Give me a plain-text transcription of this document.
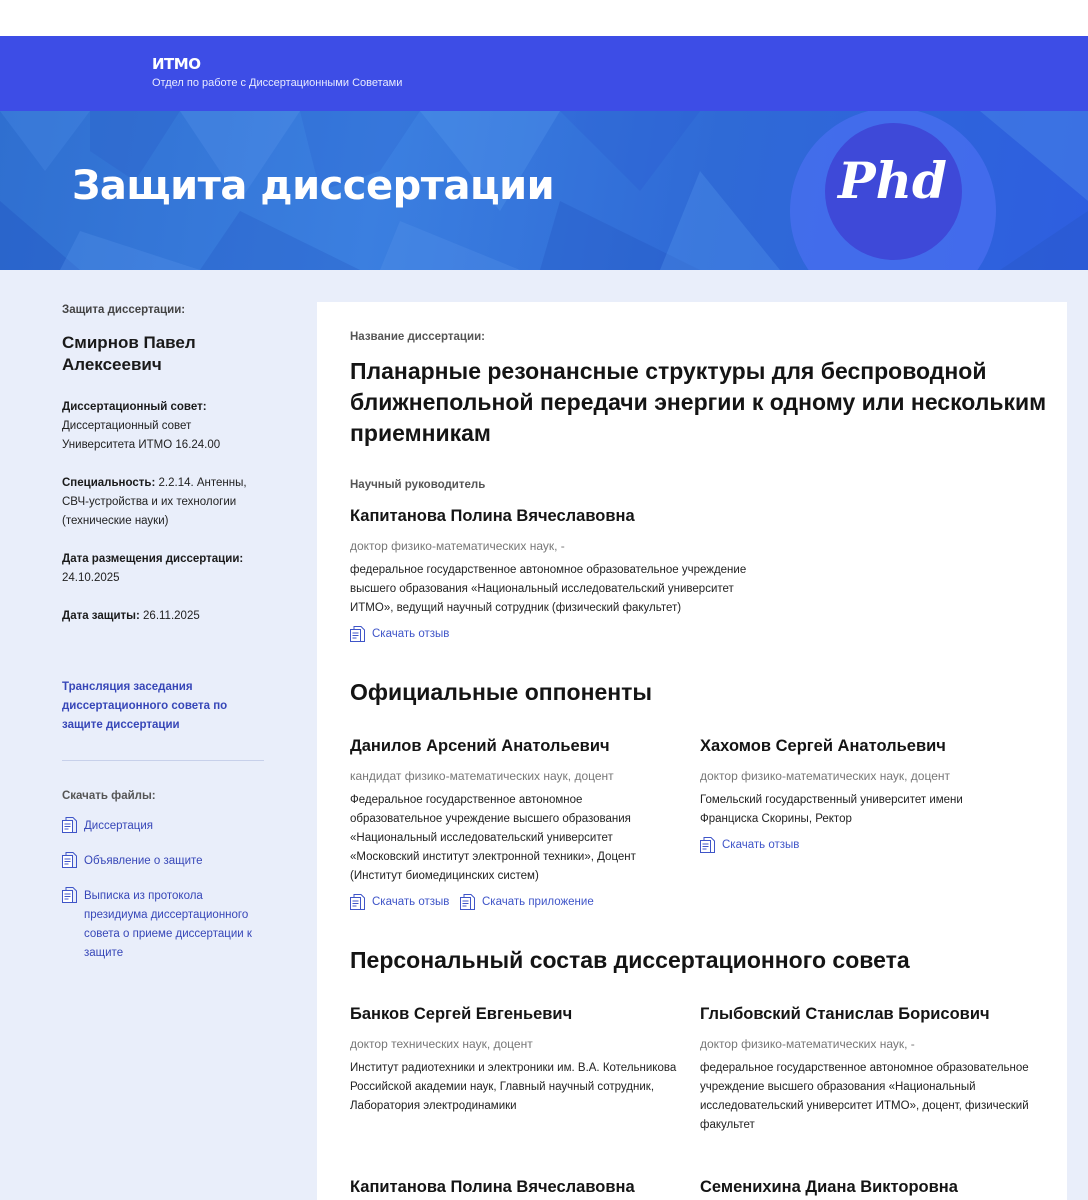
ИТМО
Отдел по работе с Диссертационными Советами
Защита диссертации	Phd
Защита диссертации:
Смирнов Павел Алексеевич
Диссертационный совет:
Диссертационный совет Университета ИТМО 16.24.00
Специальность: 2.2.14. Антенны, СВЧ-устройства и их технологии (технические науки)
Дата размещения диссертации:
24.10.2025
Дата защиты: 26.11.2025
Трансляция заседания диссертационного совета по защите диссертации
Скачать файлы:
Диссертация
Объявление о защите
Выписка из протокола президиума диссертационного совета о приеме диссертации к защите
Название диссертации:
Планарные резонансные структуры для беспроводной ближнепольной передачи энергии к одному или нескольким приемникам
Научный руководитель
Капитанова Полина Вячеславовна
доктор физико-математических наук, -
федеральное государственное автономное образовательное учреждение высшего образования «Национальный исследовательский университет ИТМО», ведущий научный сотрудник (физический факультет)
Скачать отзыв
Официальные оппоненты
Данилов Арсений Анатольевич
кандидат физико-математических наук, доцент
Федеральное государственное автономное образовательное учреждение высшего образования «Национальный исследовательский университет «Московский институт электронной техники», Доцент (Институт биомедицинских систем)
Скачать отзыв	Скачать приложение
Хахомов Сергей Анатольевич
доктор физико-математических наук, доцент
Гомельский государственный университет имени Франциска Скорины, Ректор
Скачать отзыв
Персональный состав диссертационного совета
Банков Сергей Евгеньевич
доктор технических наук, доцент
Институт радиотехники и электроники им. В.А. Котельникова Российской академии наук, Главный научный сотрудник, Лаборатория электродинамики
Глыбовский Станислав Борисович
доктор физико-математических наук, -
федеральное государственное автономное образовательное учреждение высшего образования «Национальный исследовательский университет ИТМО», доцент, физический факультет
Капитанова Полина Вячеславовна	Семенихина Диана Викторовна
